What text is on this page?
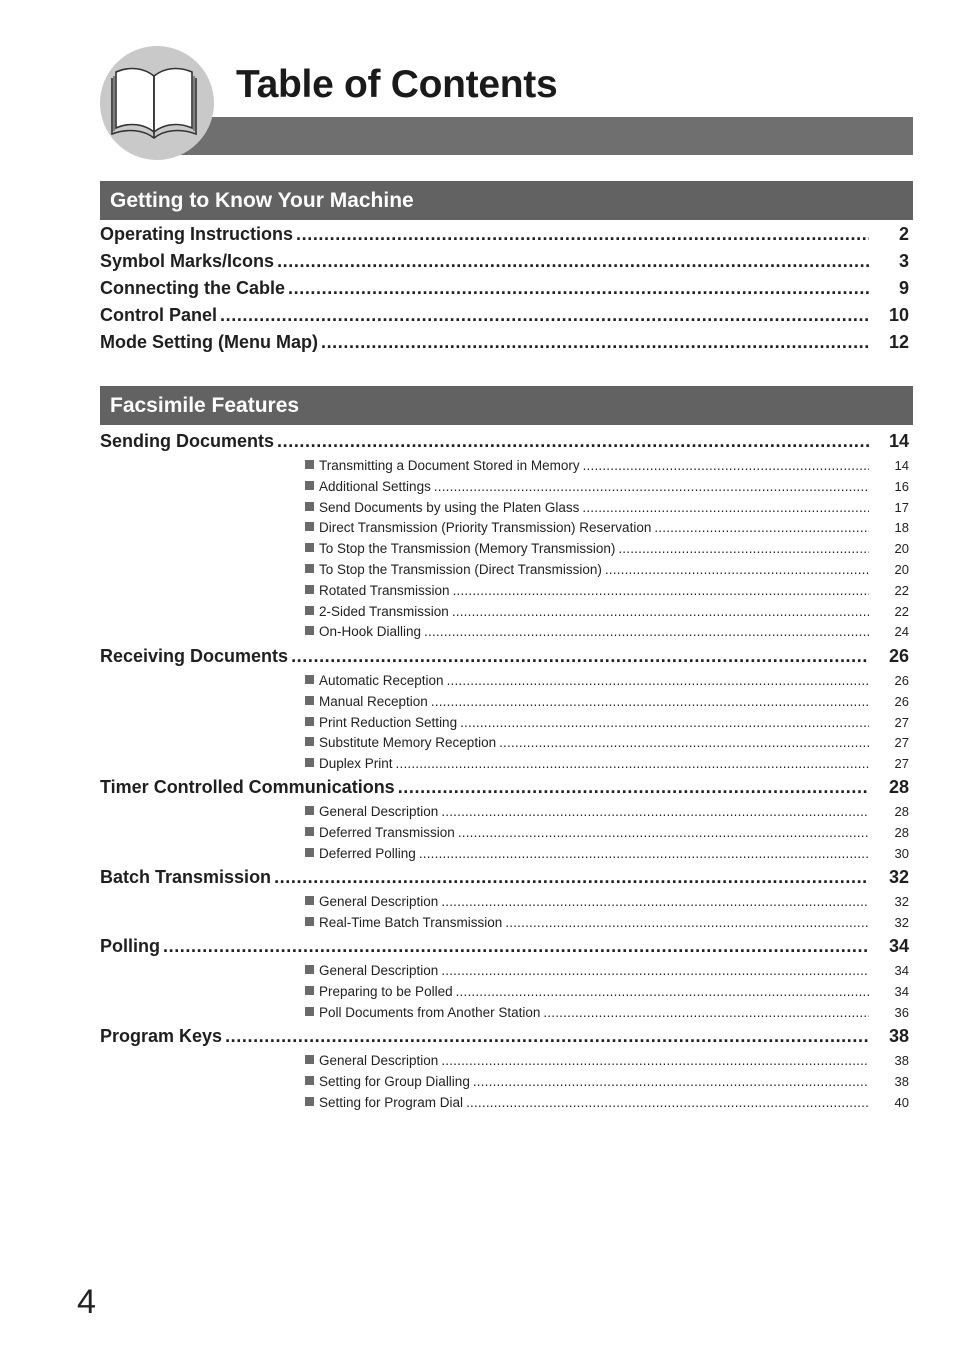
Table of Contents
Getting to Know Your Machine
Operating Instructions .....	2
Symbol Marks/Icons .....	3
Connecting the Cable .....	9
Control Panel .....	10
Mode Setting (Menu Map) .....	12
Facsimile Features
Sending Documents .....	14
Transmitting a Document Stored in Memory .....	14
Additional Settings .....	16
Send Documents by using the Platen Glass .....	17
Direct Transmission (Priority Transmission) Reservation .....	18
To Stop the Transmission (Memory Transmission) .....	20
To Stop the Transmission (Direct Transmission) .....	20
Rotated Transmission .....	22
2-Sided Transmission .....	22
On-Hook Dialling .....	24
Receiving Documents .....	26
Automatic Reception .....	26
Manual Reception .....	26
Print Reduction Setting .....	27
Substitute Memory Reception .....	27
Duplex Print .....	27
Timer Controlled Communications .....	28
General Description .....	28
Deferred Transmission .....	28
Deferred Polling .....	30
Batch Transmission .....	32
General Description .....	32
Real-Time Batch Transmission .....	32
Polling .....	34
General Description .....	34
Preparing to be Polled .....	34
Poll Documents from Another Station .....	36
Program Keys .....	38
General Description .....	38
Setting for Group Dialling .....	38
Setting for Program Dial .....	40
4
